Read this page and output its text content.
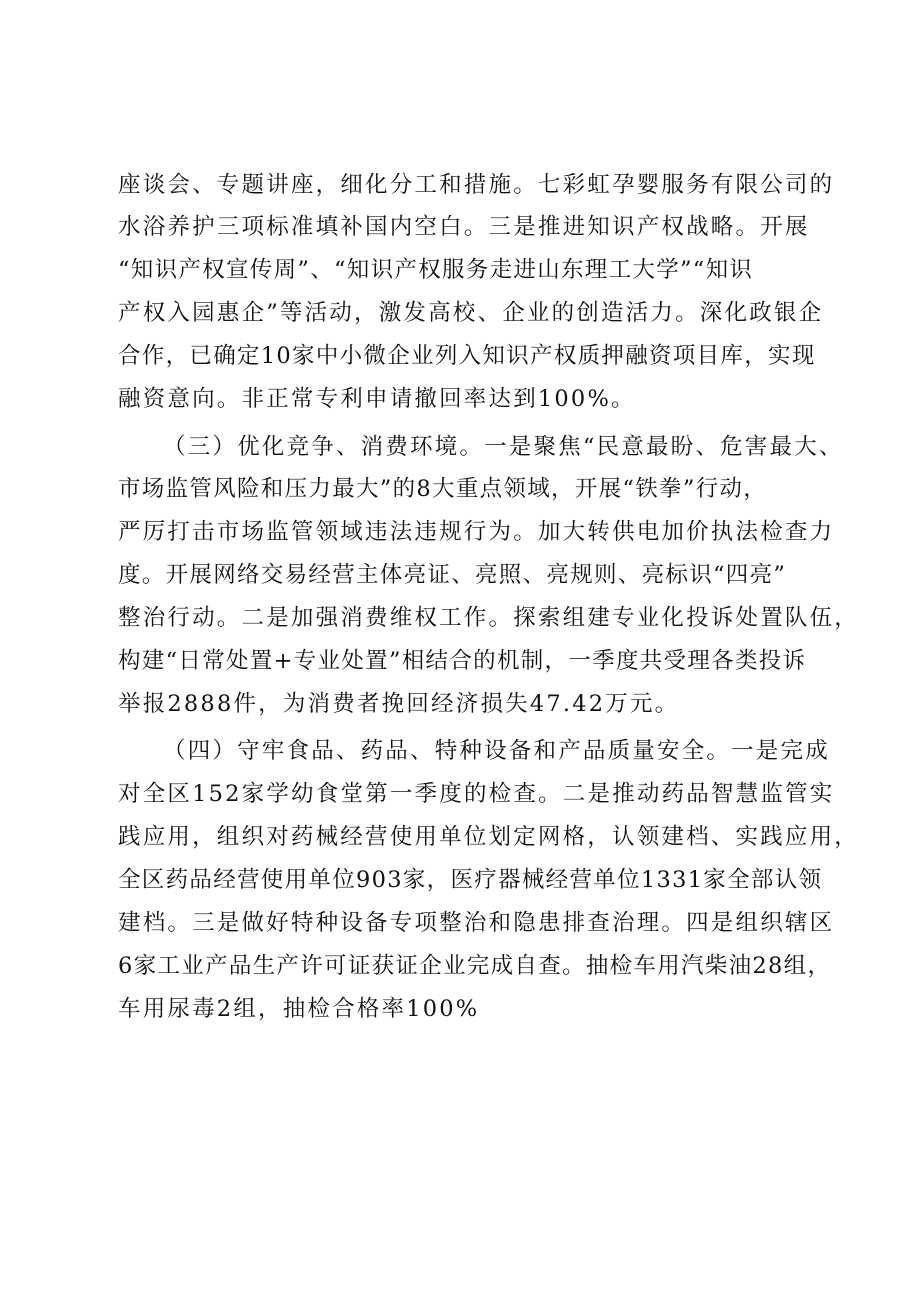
座谈会、专题讲座，细化分工和措施。七彩虹孕婴服务有限公司的
水浴养护三项标准填补国内空白。三是推进知识产权战略。开展
“知识产权宣传周”、“知识产权服务走进山东理工大学”“知识
产权入园惠企”等活动，激发高校、企业的创造活力。深化政银企
合作，已确定10家中小微企业列入知识产权质押融资项目库，实现
融资意向。非正常专利申请撤回率达到100%。
（三）优化竞争、消费环境。一是聚焦“民意最盼、危害最大、
市场监管风险和压力最大”的8大重点领域，开展“铁拳”行动，
严厉打击市场监管领域违法违规行为。加大转供电加价执法检查力
度。开展网络交易经营主体亮证、亮照、亮规则、亮标识“四亮”
整治行动。二是加强消费维权工作。探索组建专业化投诉处置队伍，
构建“日常处置+专业处置”相结合的机制，一季度共受理各类投诉
举报2888件，为消费者挽回经济损失47.42万元。
（四）守牢食品、药品、特种设备和产品质量安全。一是完成
对全区152家学幼食堂第一季度的检查。二是推动药品智慧监管实
践应用，组织对药械经营使用单位划定网格，认领建档、实践应用，
全区药品经营使用单位903家，医疗器械经营单位1331家全部认领
建档。三是做好特种设备专项整治和隐患排查治理。四是组织辖区
6家工业产品生产许可证获证企业完成自查。抽检车用汽柴油28组，
车用尿毒2组，抽检合格率100%
